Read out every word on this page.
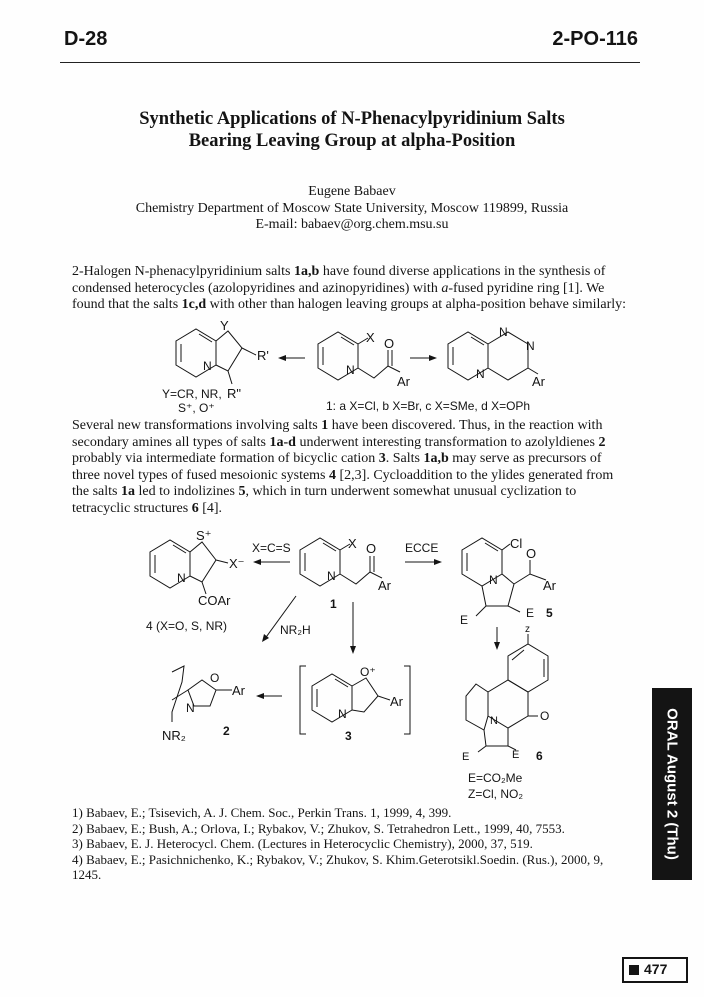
D-28	2-PO-116
Synthetic Applications of N-Phenacylpyridinium Salts
Bearing Leaving Group at alpha-Position
Eugene Babaev
Chemistry Department of Moscow State University, Moscow 119899, Russia
E-mail: babaev@org.chem.msu.su

2-Halogen N-phenacylpyridinium salts 1a,b have found diverse applications in the synthesis of condensed heterocycles (azolopyridines and azinopyridines) with a-fused pyridine ring [1]. We found that the salts 1c,d with other than halogen leaving groups at alpha-position behave similarly:

Y
R'
N
R"
Y=CR, NR,
S⁺, O⁺
X O
N
Ar
N
N
N	Ar
1: a X=Cl, b X=Br, c X=SMe, d X=OPh

Several new transformations involving salts 1 have been discovered. Thus, in the reaction with secondary amines all types of salts 1a-d underwent interesting transformation to azolyldienes 2 probably via intermediate formation of bicyclic cation 3. Salts 1a,b may serve as precursors of three novel types of fused mesoionic systems 4 [2,3]. Cycloaddition to the ylides generated from the salts 1a led to indolizines 5, which in turn underwent somewhat unusual cyclization to tetracyclic structures 6 [4].

S⁺
X⁻
N
COAr
4 (X=O, S, NR)
X=C=S	X O
N
Ar
1
ECCE	Cl
O
N	Ar
E	E 5
NR₂H
O
N
Ar
NR₂	2
O⁺
N
Ar
3
z
N	O
E	E 6
E=CO₂Me
Z=Cl, NO₂
1) Babaev, E.; Tsisevich, A. J. Chem. Soc., Perkin Trans. 1, 1999, 4, 399.
2) Babaev, E.; Bush, A.; Orlova, I.; Rybakov, V.; Zhukov, S. Tetrahedron Lett., 1999, 40, 7553.
3) Babaev, E. J. Heterocycl. Chem. (Lectures in Heterocyclic Chemistry), 2000, 37, 519.
4) Babaev, E.; Pasichnichenko, K.; Rybakov, V.; Zhukov, S. Khim.Geterotsikl.Soedin. (Rus.), 2000, 9, 1245.
ORAL August 2 (Thu)
477
